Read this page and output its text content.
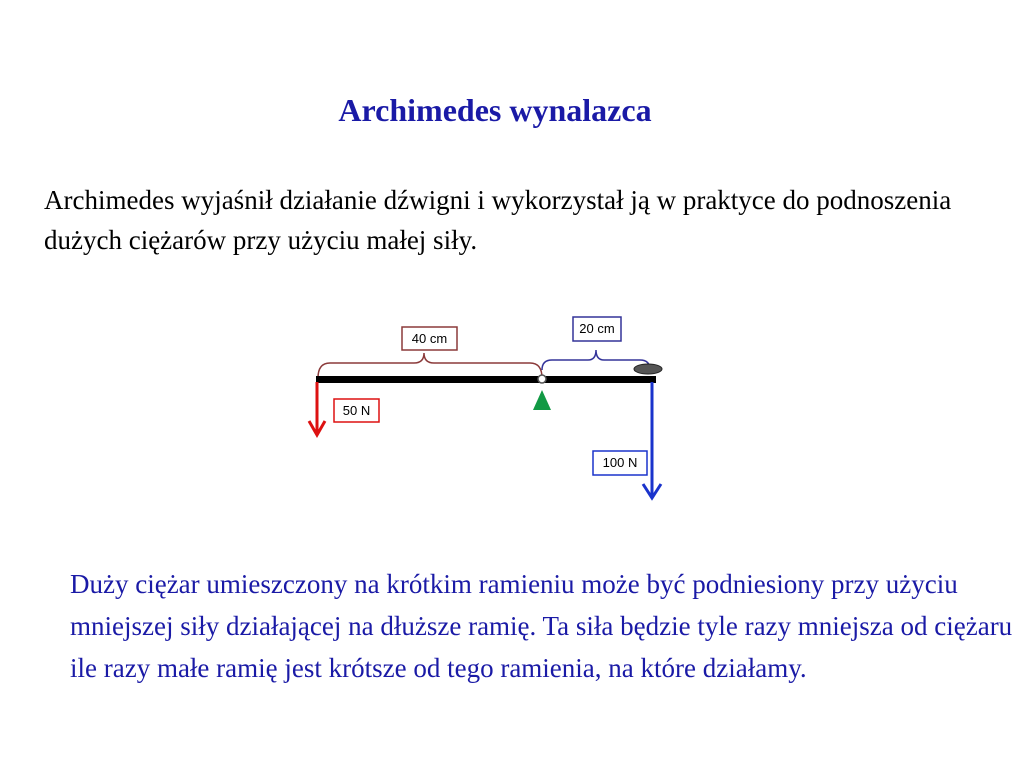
Archimedes wynalazca

Archimedes wyjaśnił działanie dźwigni i wykorzystał ją w praktyce do podnoszenia dużych ciężarów przy użyciu małej siły.

40 cm
20 cm
50 N
100 N

Duży ciężar umieszczony na krótkim ramieniu może być podniesiony przy użyciu mniejszej siły działającej na dłuższe ramię. Ta siła będzie tyle razy mniejsza od ciężaru ile razy małe ramię jest krótsze od tego ramienia, na które działamy.
